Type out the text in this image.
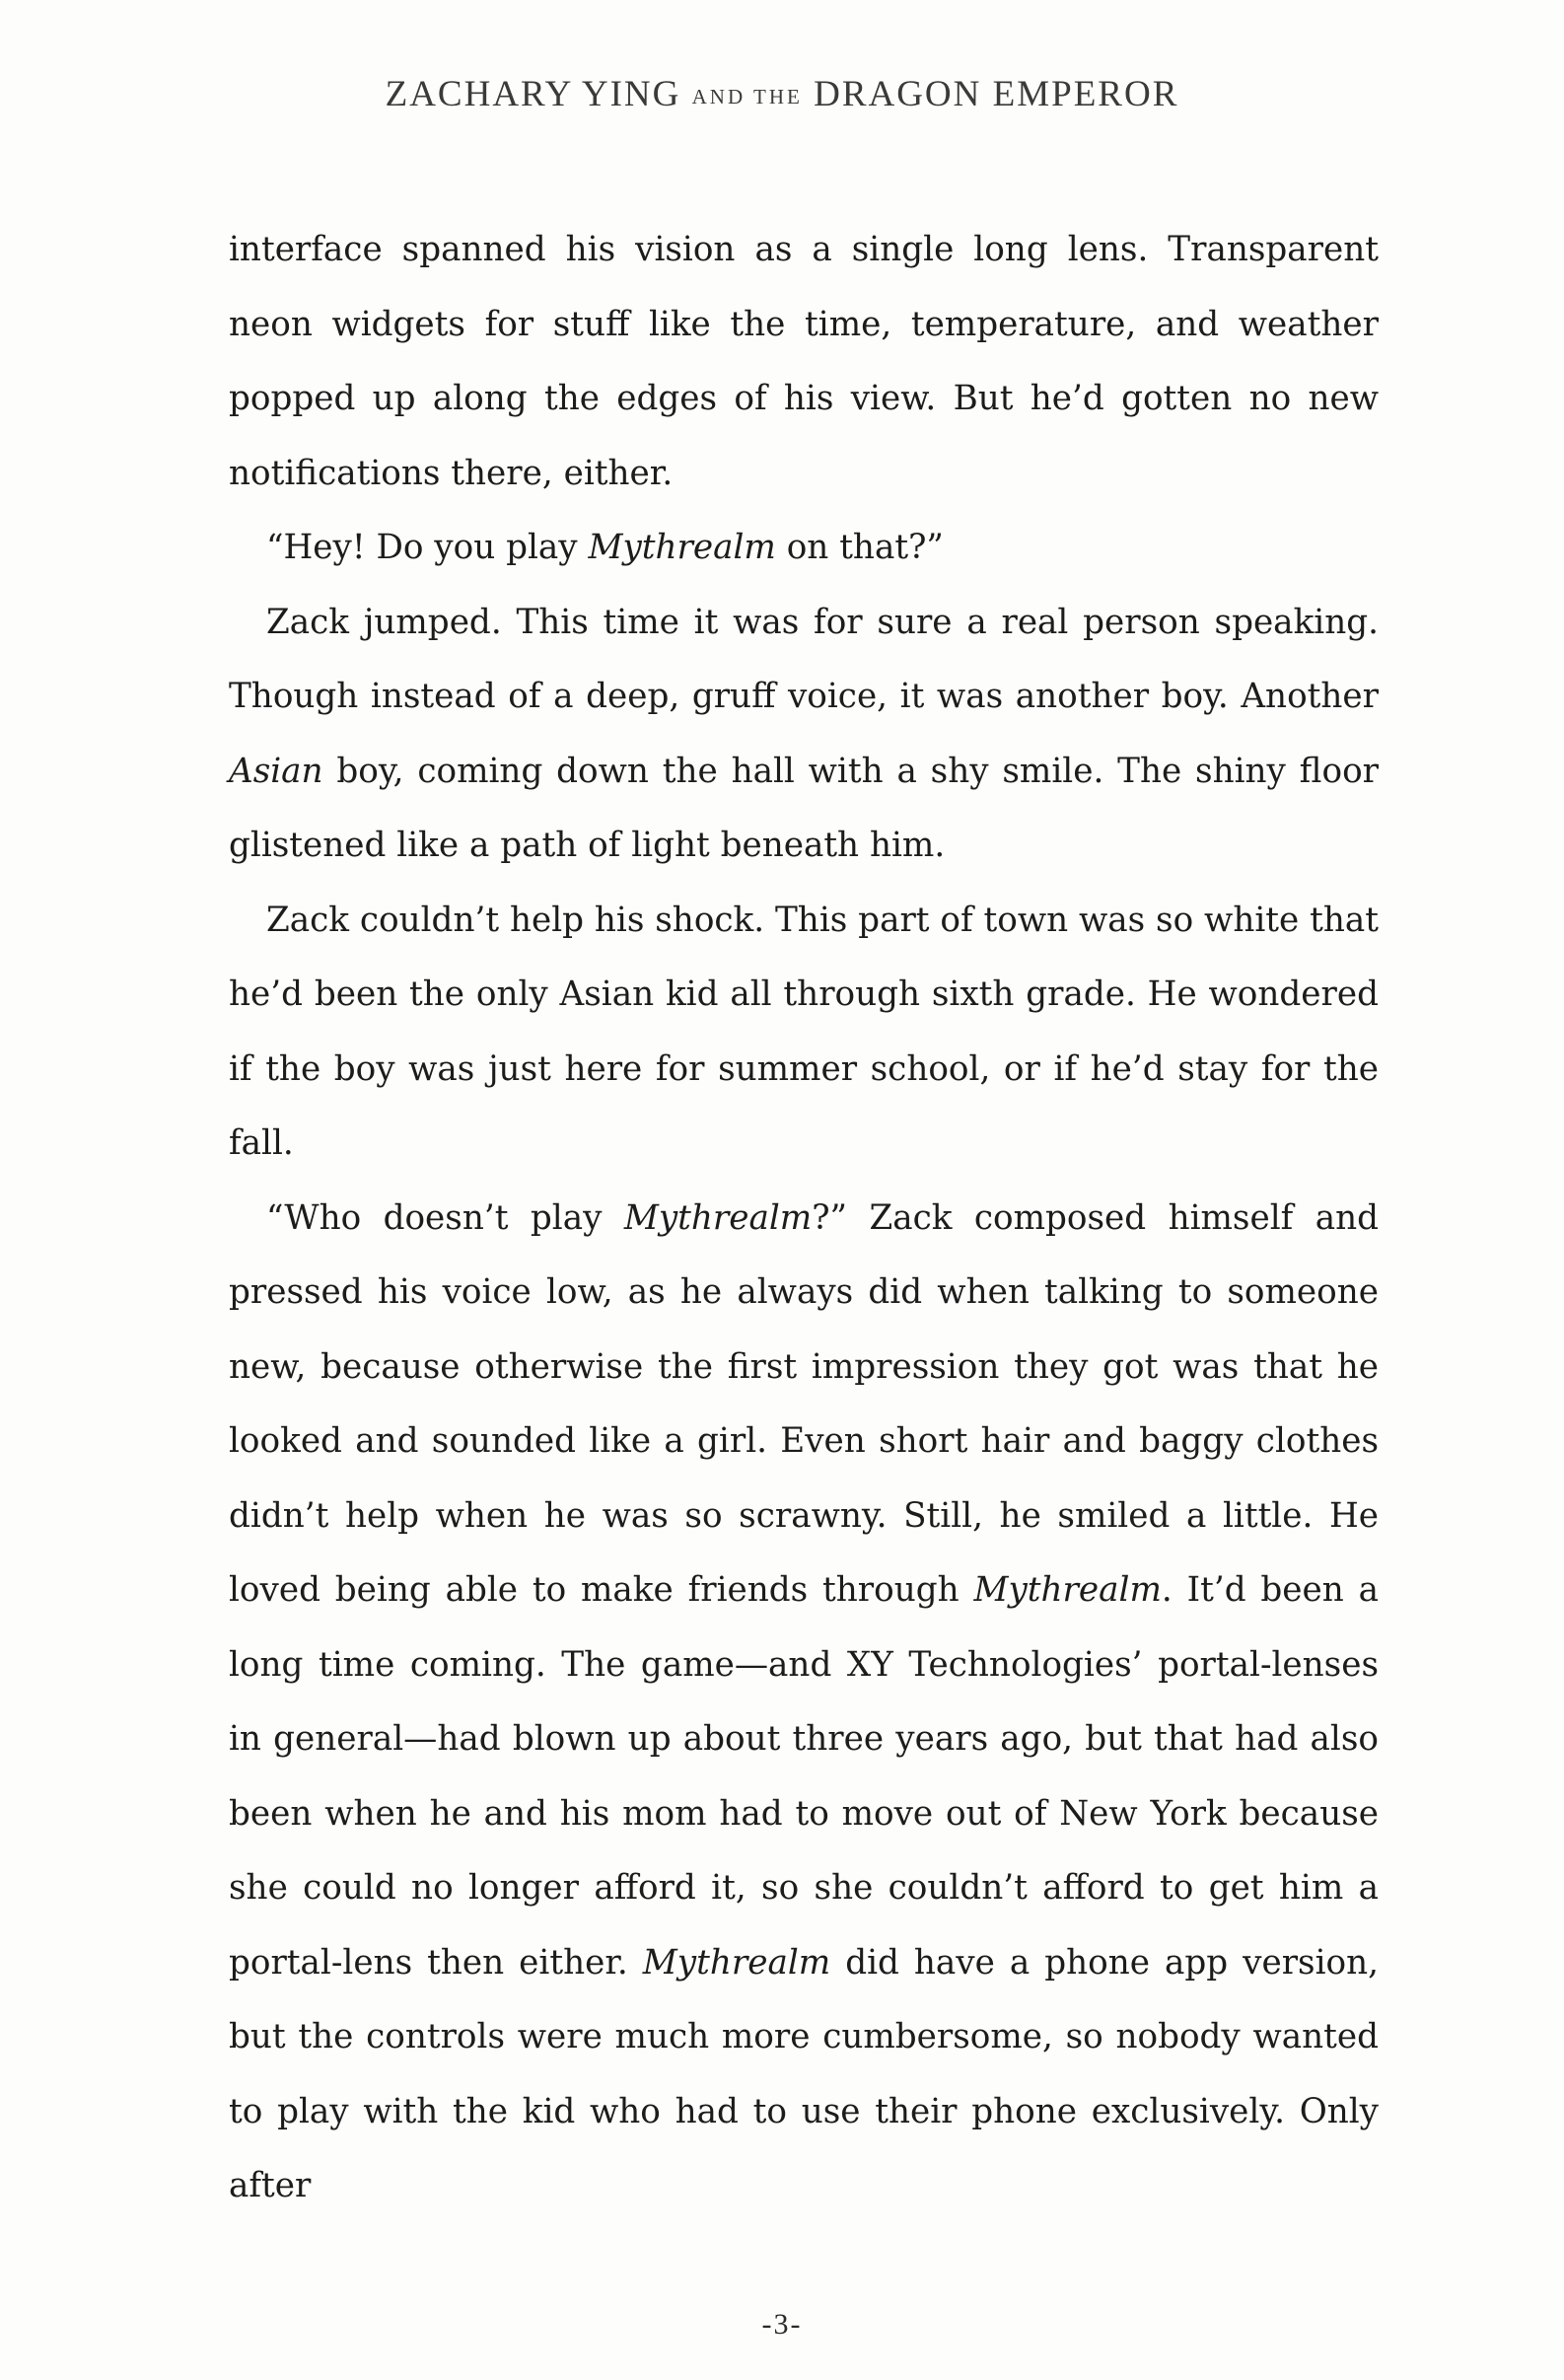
ZACHARY YING AND THE DRAGON EMPEROR

interface spanned his vision as a single long lens. Transparent neon widgets for stuff like the time, temperature, and weather popped up along the edges of his view. But he’d gotten no new notifications there, either.

“Hey! Do you play Mythrealm on that?”

Zack jumped. This time it was for sure a real person speaking. Though instead of a deep, gruff voice, it was another boy. Another Asian boy, coming down the hall with a shy smile. The shiny floor glistened like a path of light beneath him.

Zack couldn’t help his shock. This part of town was so white that he’d been the only Asian kid all through sixth grade. He wondered if the boy was just here for summer school, or if he’d stay for the fall.

“Who doesn’t play Mythrealm?” Zack composed himself and pressed his voice low, as he always did when talking to someone new, because otherwise the first impression they got was that he looked and sounded like a girl. Even short hair and baggy clothes didn’t help when he was so scrawny. Still, he smiled a little. He loved being able to make friends through Mythrealm. It’d been a long time coming. The game—and XY Technologies’ portal-lenses in general—had blown up about three years ago, but that had also been when he and his mom had to move out of New York because she could no longer afford it, so she couldn’t afford to get him a portal-lens then either. Mythrealm did have a phone app version, but the controls were much more cumbersome, so nobody wanted to play with the kid who had to use their phone exclusively. Only after

-3-
